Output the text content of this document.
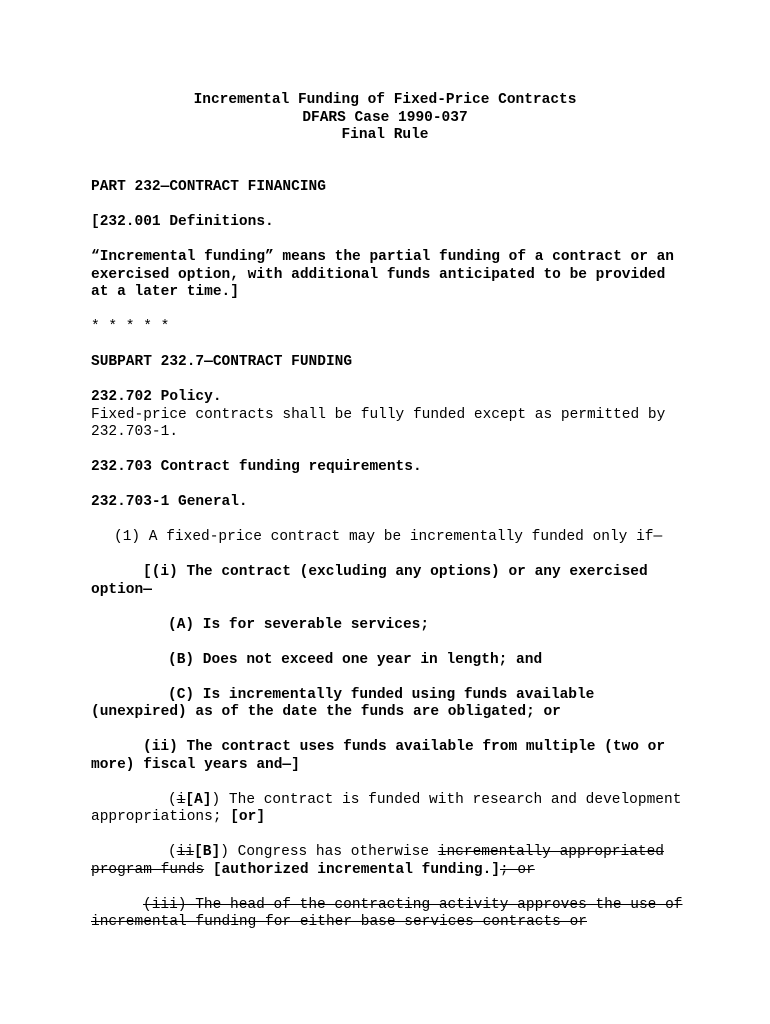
Incremental Funding of Fixed-Price Contracts
DFARS Case 1990-037
Final Rule

PART 232—CONTRACT FINANCING

[232.001 Definitions.

“Incremental funding” means the partial funding of a contract or an exercised option, with additional funds anticipated to be provided at a later time.]

* * * * *

SUBPART 232.7—CONTRACT FUNDING

232.702 Policy.

Fixed-price contracts shall be fully funded except as permitted by 232.703-1.

232.703 Contract funding requirements.

232.703-1 General.

(1) A fixed-price contract may be incrementally funded only if—

[(i) The contract (excluding any options) or any exercised option—

(A) Is for severable services;

(B) Does not exceed one year in length; and

(C) Is incrementally funded using funds available (unexpired) as of the date the funds are obligated; or

(ii) The contract uses funds available from multiple (two or more) fiscal years and—]

(i[A]) The contract is funded with research and development appropriations; [or]

(ii[B]) Congress has otherwise incrementally appropriated program funds [authorized incremental funding.]; or

(iii) The head of the contracting activity approves the use of incremental funding for either base services contracts or
